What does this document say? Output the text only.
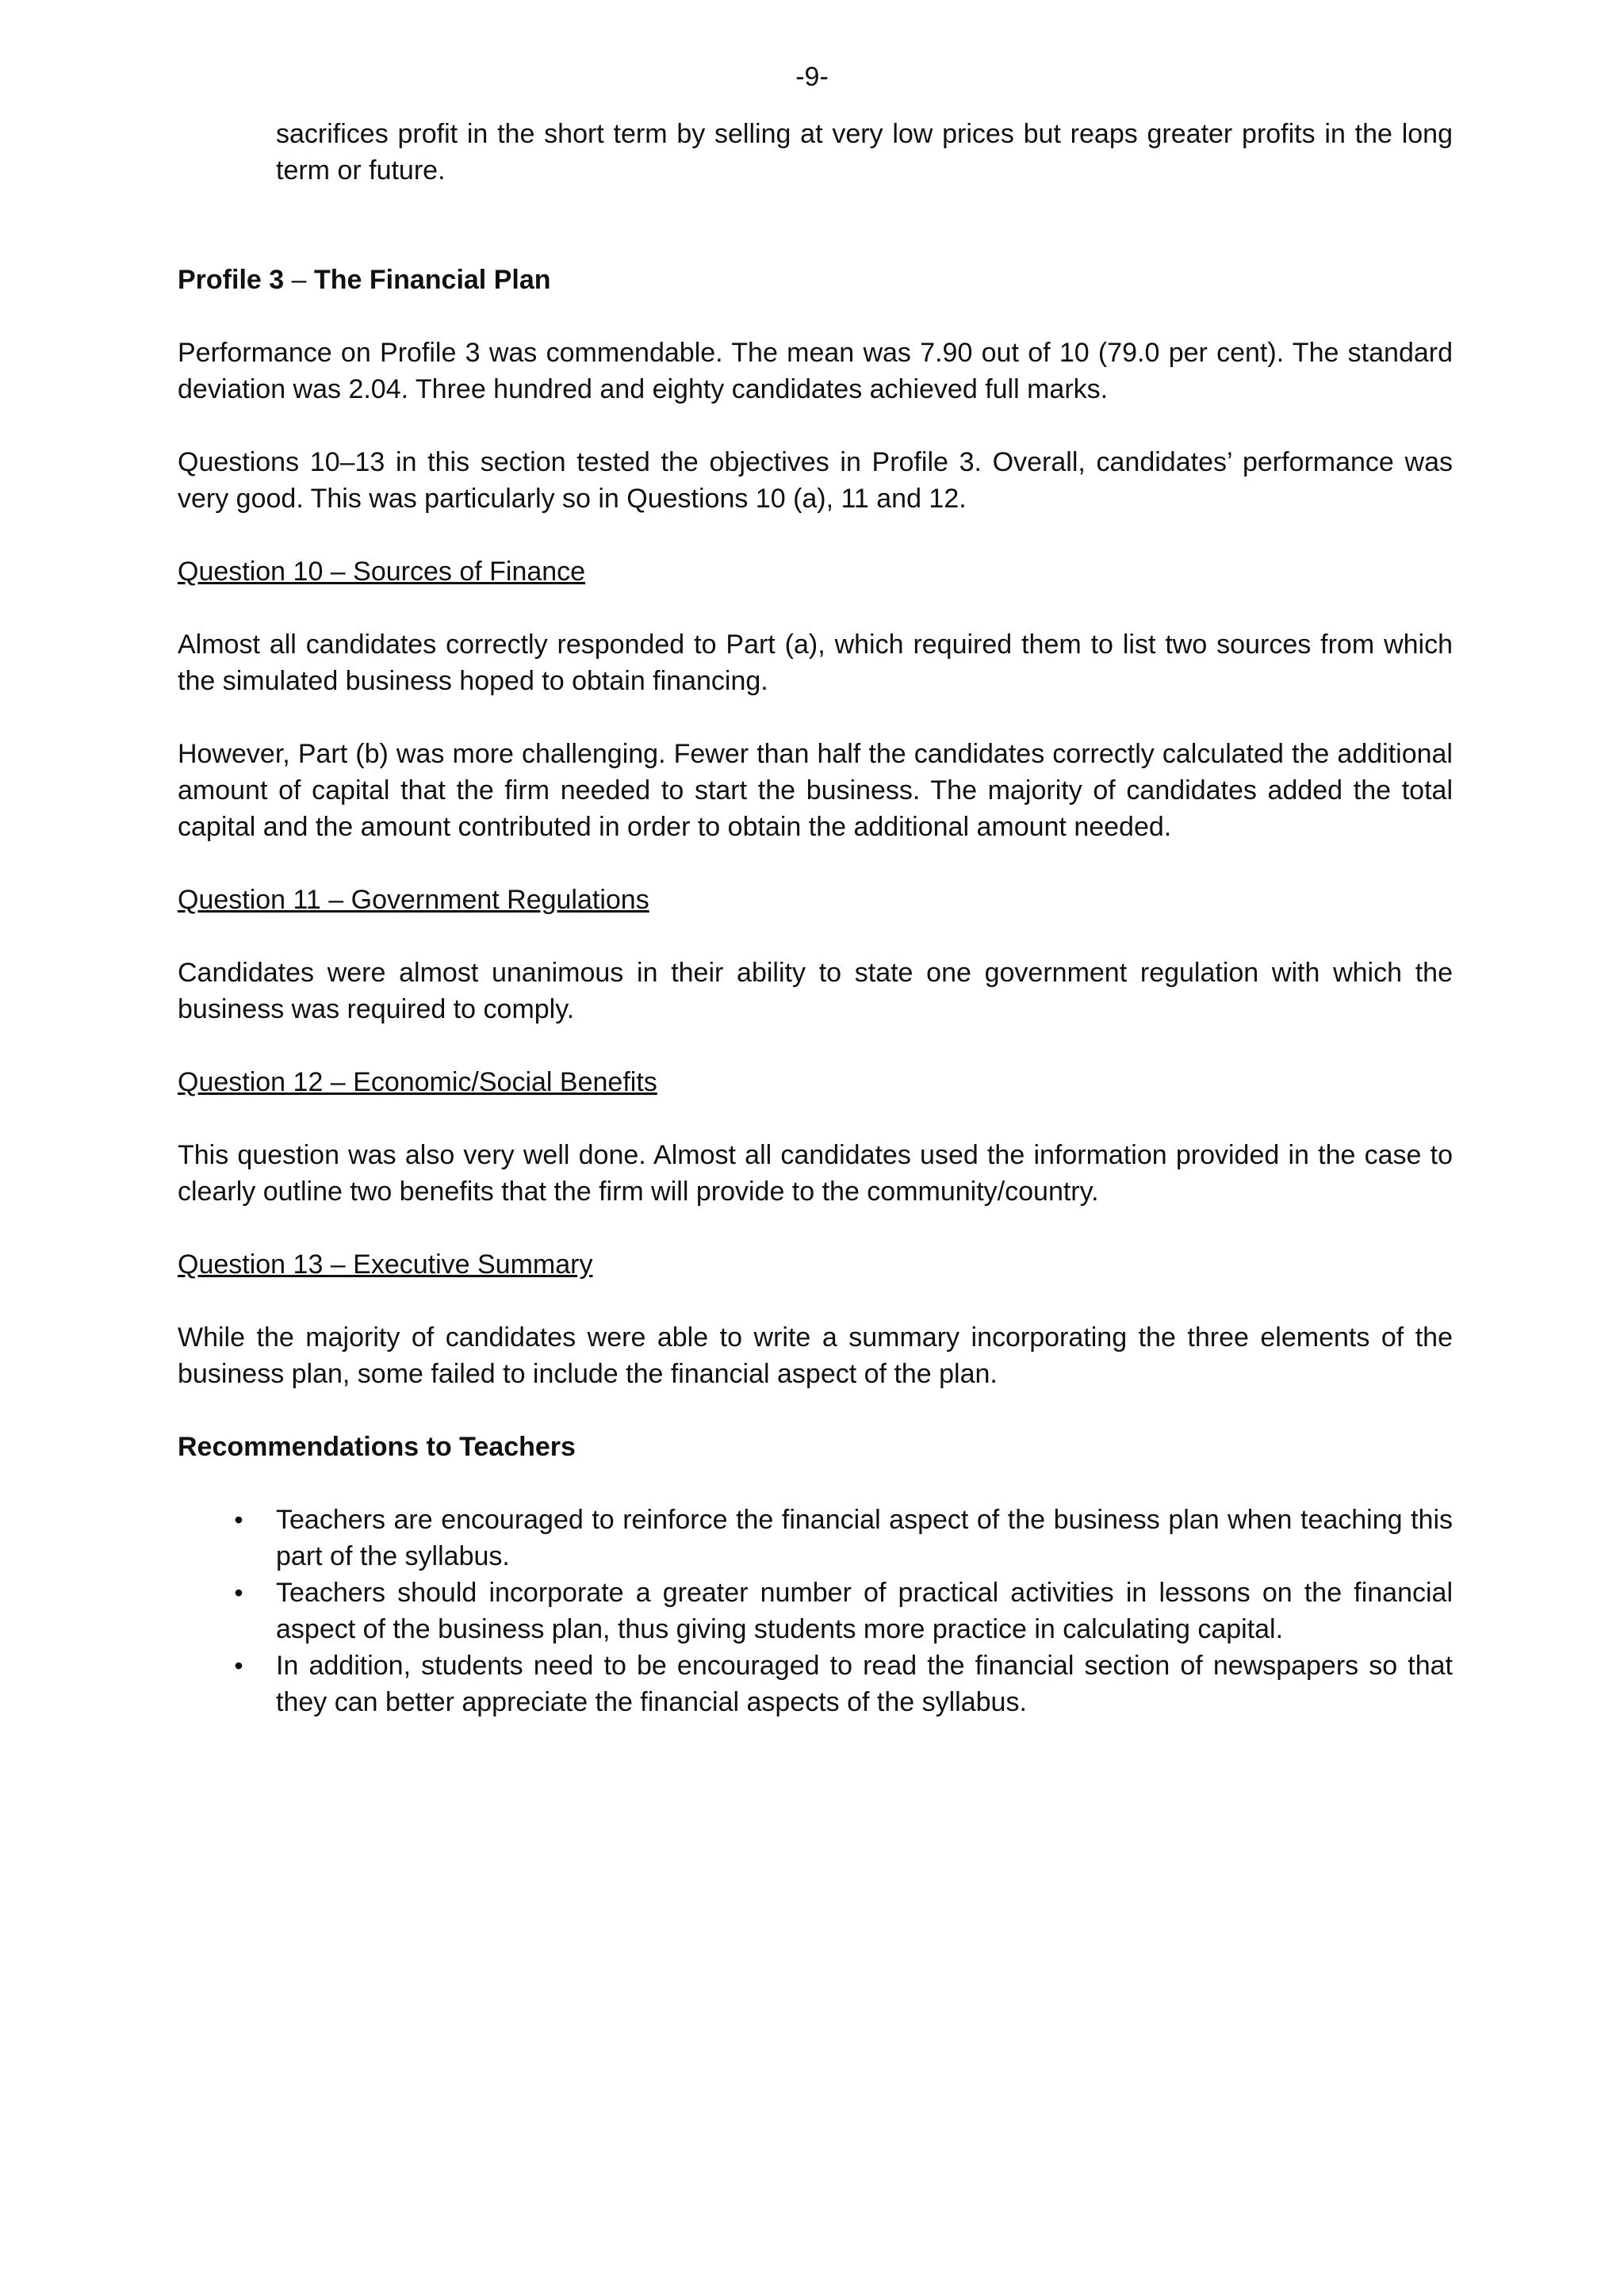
-9-

sacrifices profit in the short term by selling at very low prices but reaps greater profits in the long term or future.

Profile 3 – The Financial Plan

Performance on Profile 3 was commendable. The mean was 7.90 out of 10 (79.0 per cent). The standard deviation was 2.04. Three hundred and eighty candidates achieved full marks.

Questions 10–13 in this section tested the objectives in Profile 3. Overall, candidates’ performance was very good. This was particularly so in Questions 10 (a), 11 and 12.

Question 10 – Sources of Finance

Almost all candidates correctly responded to Part (a), which required them to list two sources from which the simulated business hoped to obtain financing.

However, Part (b) was more challenging. Fewer than half the candidates correctly calculated the additional amount of capital that the firm needed to start the business. The majority of candidates added the total capital and the amount contributed in order to obtain the additional amount needed.

Question 11 – Government Regulations

Candidates were almost unanimous in their ability to state one government regulation with which the business was required to comply.

Question 12 – Economic/Social Benefits

This question was also very well done. Almost all candidates used the information provided in the case to clearly outline two benefits that the firm will provide to the community/country.

Question 13 – Executive Summary

While the majority of candidates were able to write a summary incorporating the three elements of the business plan, some failed to include the financial aspect of the plan.

Recommendations to Teachers
• Teachers are encouraged to reinforce the financial aspect of the business plan when teaching this part of the syllabus.
• Teachers should incorporate a greater number of practical activities in lessons on the financial aspect of the business plan, thus giving students more practice in calculating capital.
• In addition, students need to be encouraged to read the financial section of newspapers so that they can better appreciate the financial aspects of the syllabus.
